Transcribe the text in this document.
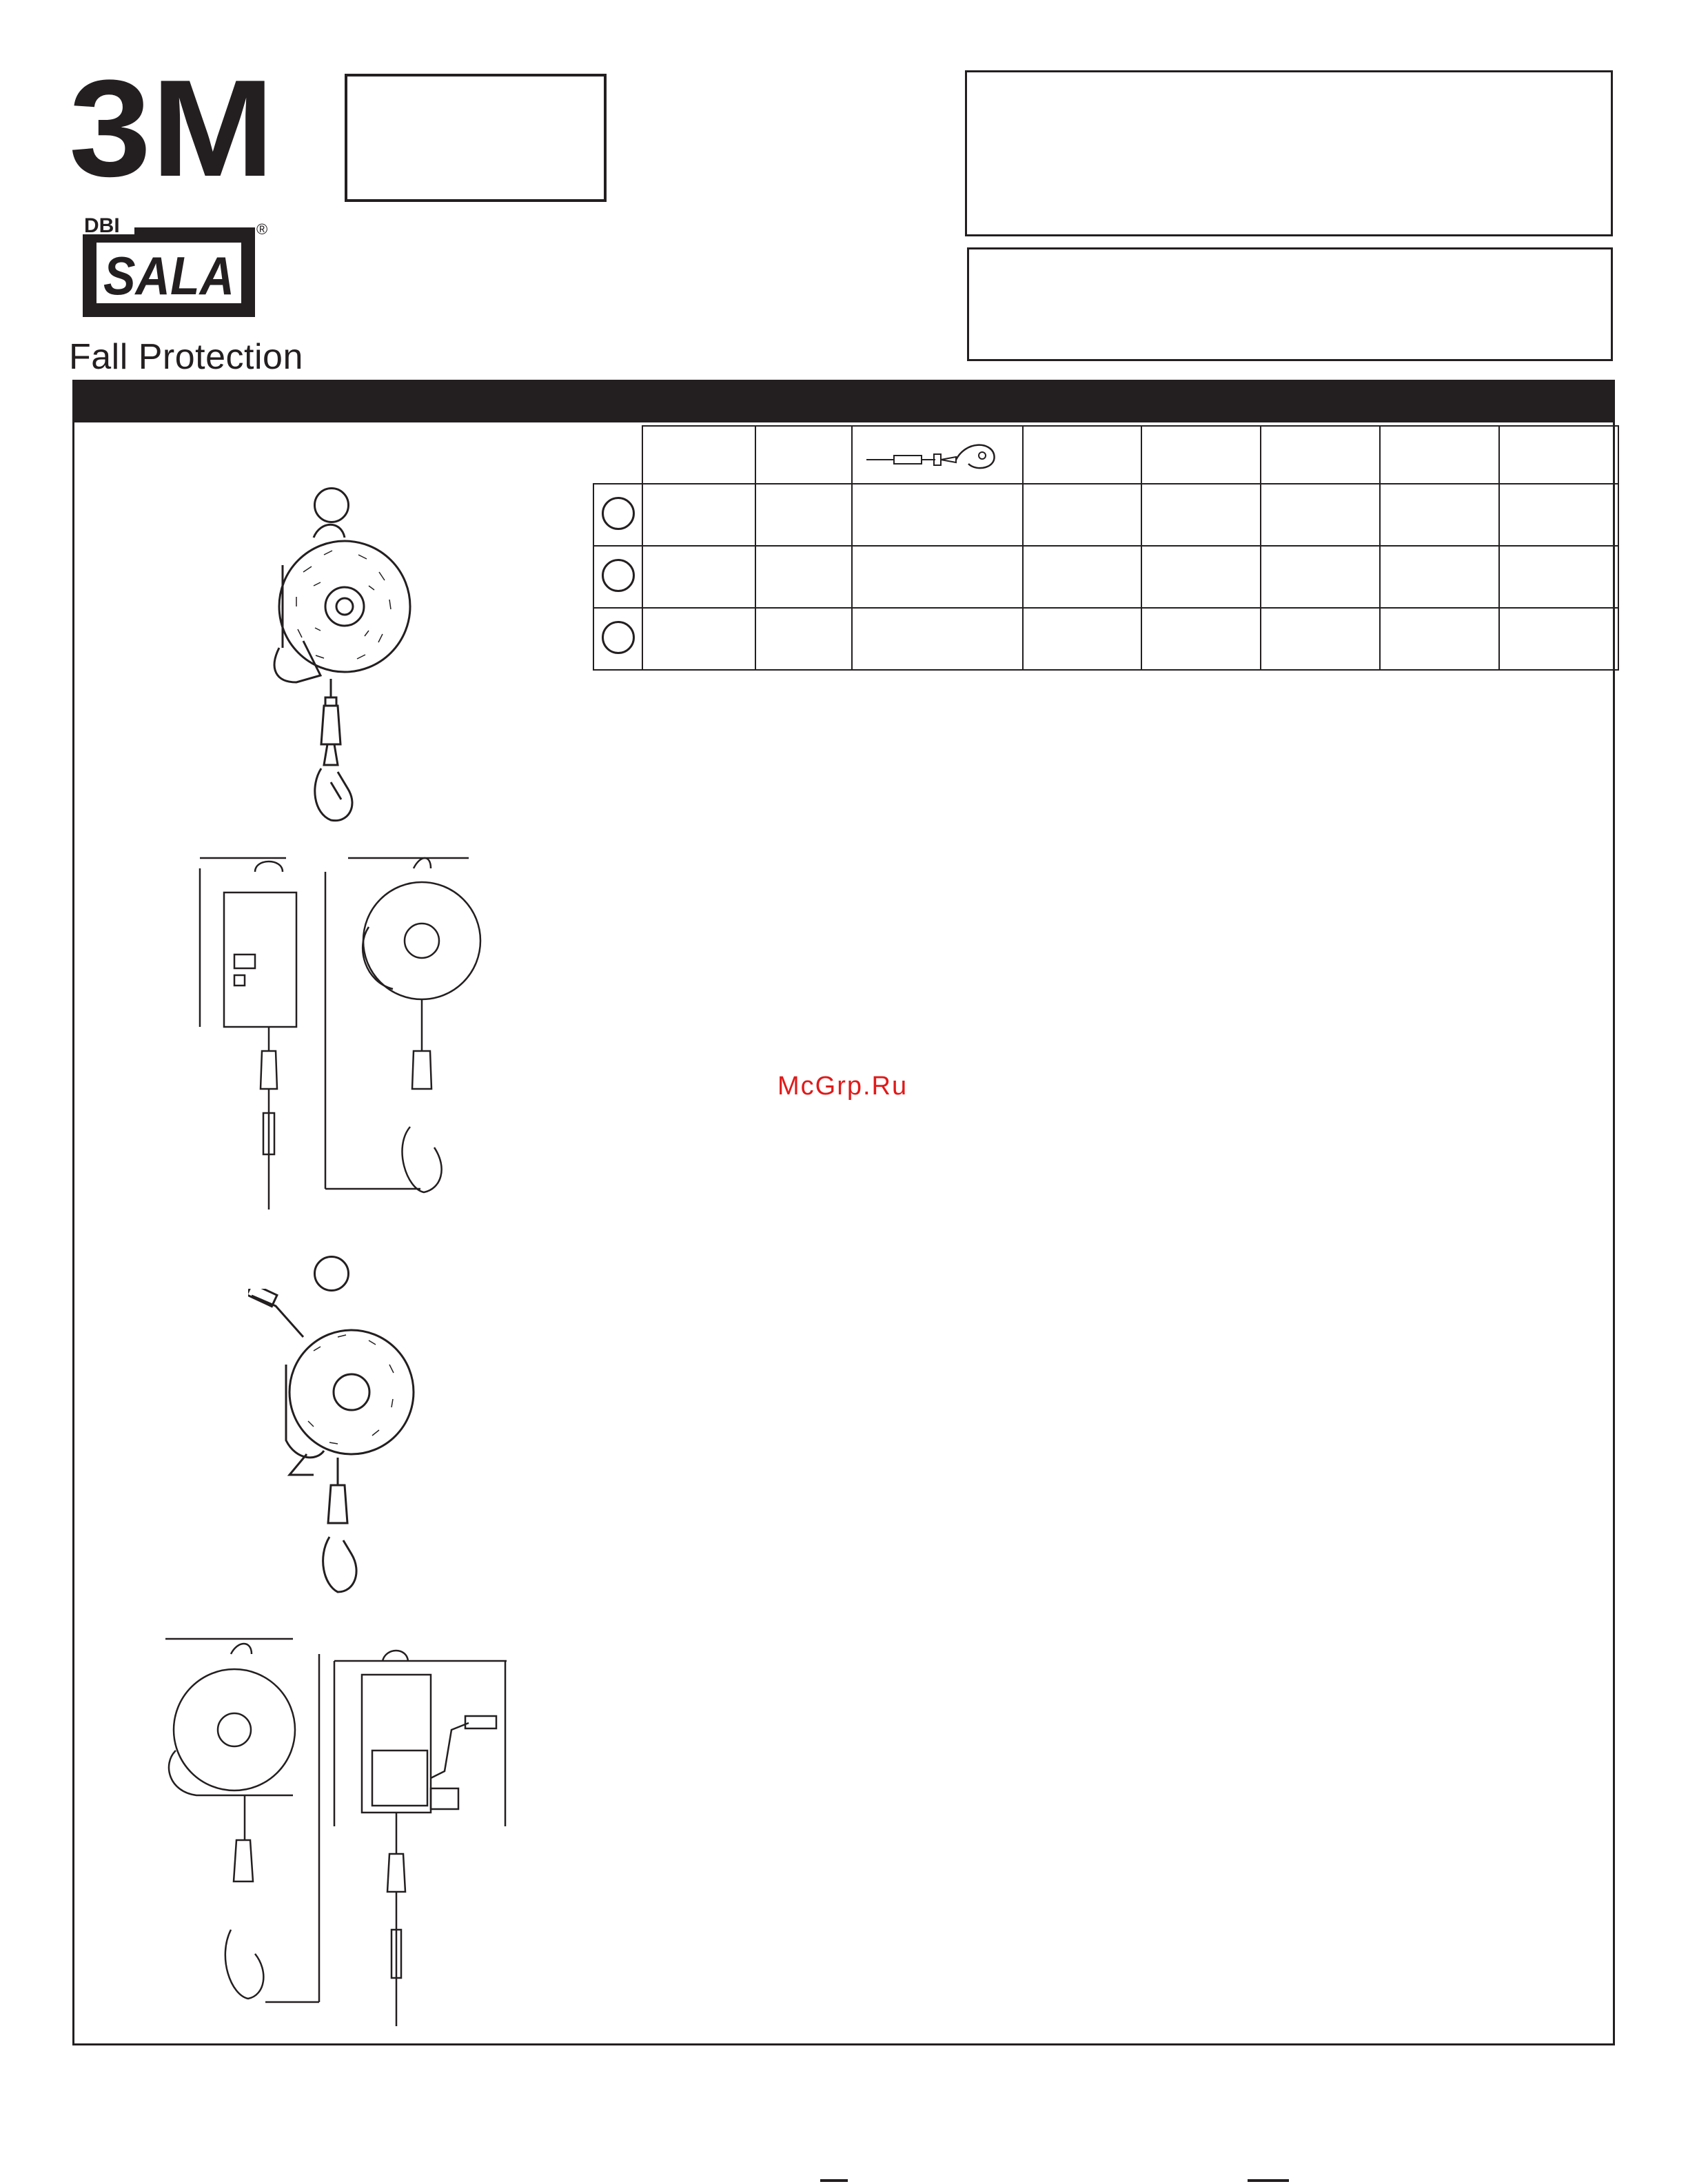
3M
DBI
SALA
®
Fall Protection

McGrp.Ru
